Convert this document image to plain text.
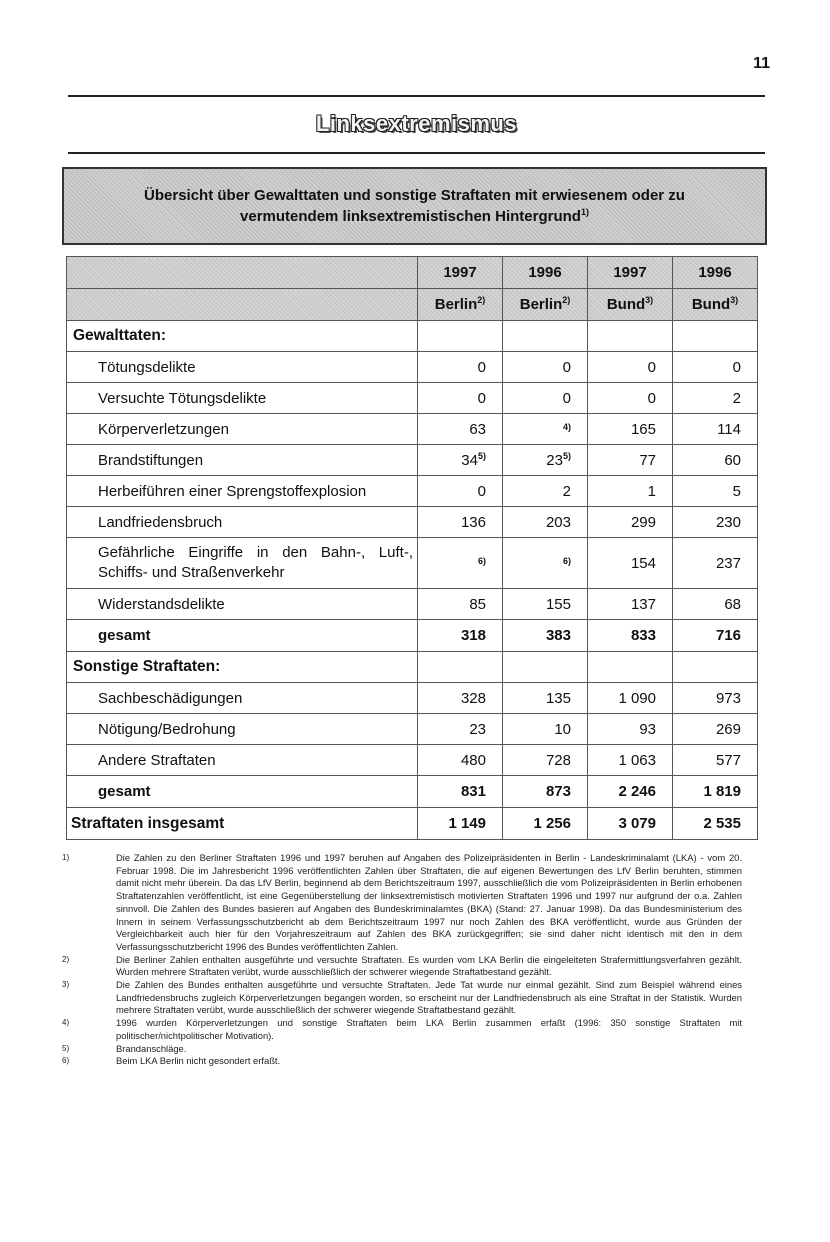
11
Linksextremismus
Übersicht über Gewalttaten und sonstige Straftaten mit erwiesenem oder zu
vermutendem linksextremistischen Hintergrund$^{1)}$
	1997	1996	1997	1996
	Berlin$^{2)}$	Berlin$^{2)}$	Bund$^{3)}$	Bund$^{3)}$
Gewalttaten:				
Tötungsdelikte	0	0	0	0
Versuchte Tötungsdelikte	0	0	0	2
Körperverletzungen	63	$^{4)}$	165	114
Brandstiftungen	34$^{5)}$	23$^{5)}$	77	60
Herbeiführen einer Sprengstoffexplosion	0	2	1	5
Landfriedensbruch	136	203	299	230
Gefährliche Eingriffe in den Bahn-, Luft-, Schiffs- und Straßenverkehr	$^{6)}$	$^{6)}$	154	237
Widerstandsdelikte	85	155	137	68
gesamt	318	383	833	716
Sonstige Straftaten:				
Sachbeschädigungen	328	135	1 090	973
Nötigung/Bedrohung	23	10	93	269
Andere Straftaten	480	728	1 063	577
gesamt	831	873	2 246	1 819
Straftaten insgesamt	1 149	1 256	3 079	2 535
1)	Die Zahlen zu den Berliner Straftaten 1996 und 1997 beruhen auf Angaben des Polizeipräsidenten in Berlin - Landeskriminalamt (LKA) - vom 20. Februar 1998. Die im Jahresbericht 1996 veröffentlichten Zahlen über Straftaten, die auf eigenen Bewertungen des LfV Berlin beruhten, stimmen damit nicht mehr überein. Da das LfV Berlin, beginnend ab dem Berichtszeitraum 1997, ausschließlich die vom Polizeipräsidenten in Berlin erhobenen Straftatenzahlen veröffentlicht, ist eine Gegenüberstellung der linksextremistisch motivierten Straftaten 1996 und 1997 nur aufgrund der o.a. Zahlen sinnvoll. Die Zahlen des Bundes basieren auf Angaben des Bundeskriminalamtes (BKA) (Stand: 27. Januar 1998). Da das Bundesministerium des Innern in seinem Verfassungsschutzbericht ab dem Berichtszeitraum 1997 nur noch Zahlen des BKA veröffentlicht, wurde aus Gründen der Vergleichbarkeit auch hier für den Vorjahreszeitraum auf Zahlen des BKA zurückgegriffen; sie sind daher nicht identisch mit den in dem Verfassungsschutzbericht 1996 des Bundes veröffentlichten Zahlen.
2)	Die Berliner Zahlen enthalten ausgeführte und versuchte Straftaten. Es wurden vom LKA Berlin die eingeleiteten Strafermittlungsverfahren gezählt. Wurden mehrere Straftaten verübt, wurde ausschließlich der schwerer wiegende Straftatbestand gezählt.
3)	Die Zahlen des Bundes enthalten ausgeführte und versuchte Straftaten. Jede Tat wurde nur einmal gezählt. Sind zum Beispiel während eines Landfriedensbruchs zugleich Körperverletzungen begangen worden, so erscheint nur der Landfriedensbruch als eine Straftat in der Statistik. Wurden mehrere Straftaten verübt, wurde ausschließlich der schwerer wiegende Straftatbestand gezählt.
4)	1996 wurden Körperverletzungen und sonstige Straftaten beim LKA Berlin zusammen erfaßt (1996: 350 sonstige Straftaten mit politischer/nichtpolitischer Motivation).
5)	Brandanschläge.
6)	Beim LKA Berlin nicht gesondert erfaßt.
